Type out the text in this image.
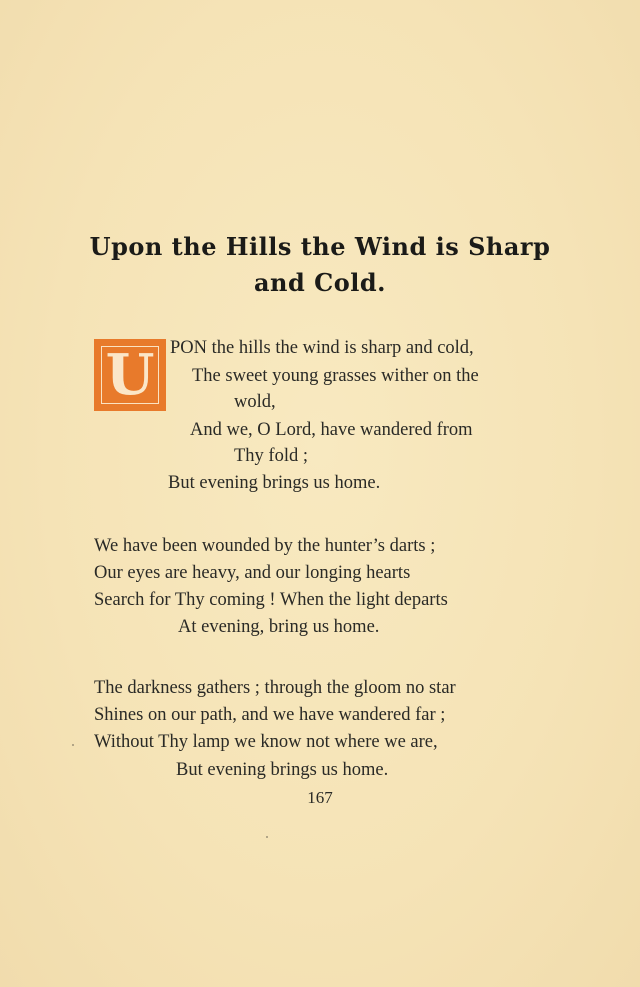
Upon the Hills the Wind is Sharp
and Cold.
U PON the hills the wind is sharp and cold,
The sweet young grasses wither on the
wold,
And we, O Lord, have wandered from
Thy fold ;
But evening brings us home.
We have been wounded by the hunter’s darts ;
Our eyes are heavy, and our longing hearts
Search for Thy coming ! When the light departs
At evening, bring us home.
The darkness gathers ; through the gloom no star
Shines on our path, and we have wandered far ;
Without Thy lamp we know not where we are,
But evening brings us home.
167
